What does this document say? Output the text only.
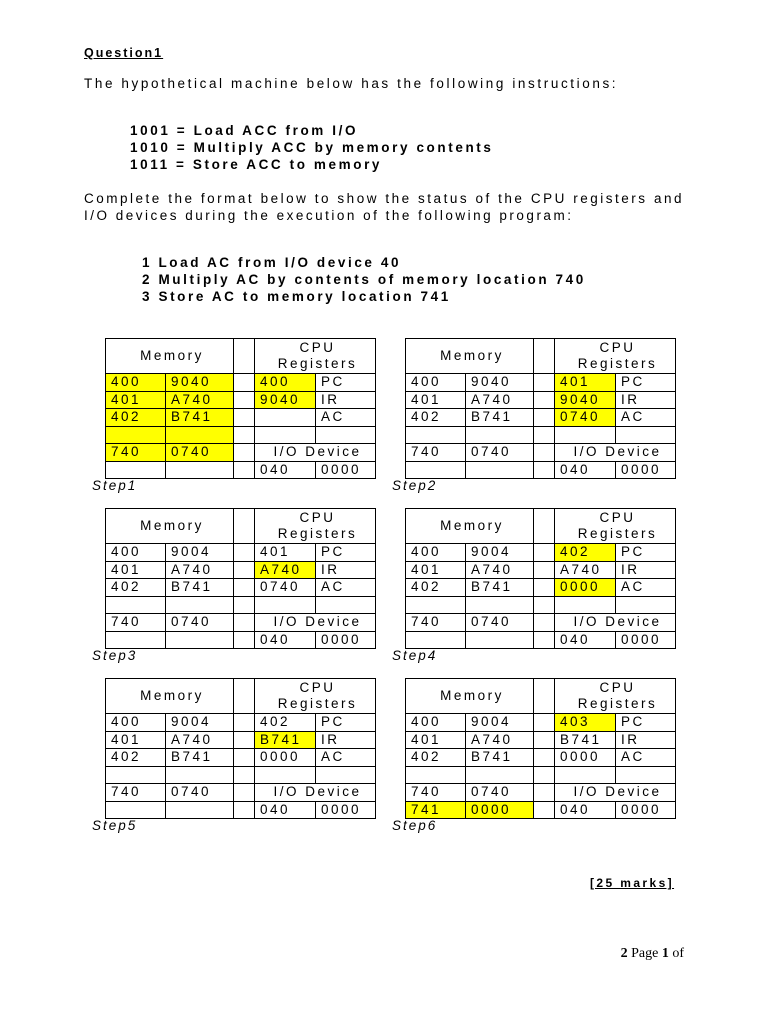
Question1
The hypothetical machine below has the following instructions:
1001 = Load ACC from I/O
1010 = Multiply ACC by memory contents
1011 = Store ACC to memory
Complete the format below to show the status of the CPU registers and I/O devices during the execution of the following program:
1 Load AC from I/O device 40
2 Multiply AC by contents of memory location 740
3 Store AC to memory location 741
Memory			CPU
Registers	

400	9040		400	PC
401	A740		9040	IR
402	B741			AC

740	0740		I/O Device	
			040	0000
Step1
Memory			CPU
Registers	

400	9040		401	PC
401	A740		9040	IR
402	B741		0740	AC

740	0740		I/O Device	
			040	0000
Step2
Memory			CPU
Registers	

400	9004		401	PC
401	A740		A740	IR
402	B741		0740	AC

740	0740		I/O Device	
			040	0000
Step3
Memory			CPU
Registers	

400	9004		402	PC
401	A740		A740	IR
402	B741		0000	AC

740	0740		I/O Device	
			040	0000
Step4
Memory			CPU
Registers	

400	9004		402	PC
401	A740		B741	IR
402	B741		0000	AC

740	0740		I/O Device	
			040	0000
Step5
Memory			CPU
Registers	

400	9004		403	PC
401	A740		B741	IR
402	B741		0000	AC

740	0740		I/O Device	
741	0000		040	0000
Step6
[25 marks]
2 Page 1 of
